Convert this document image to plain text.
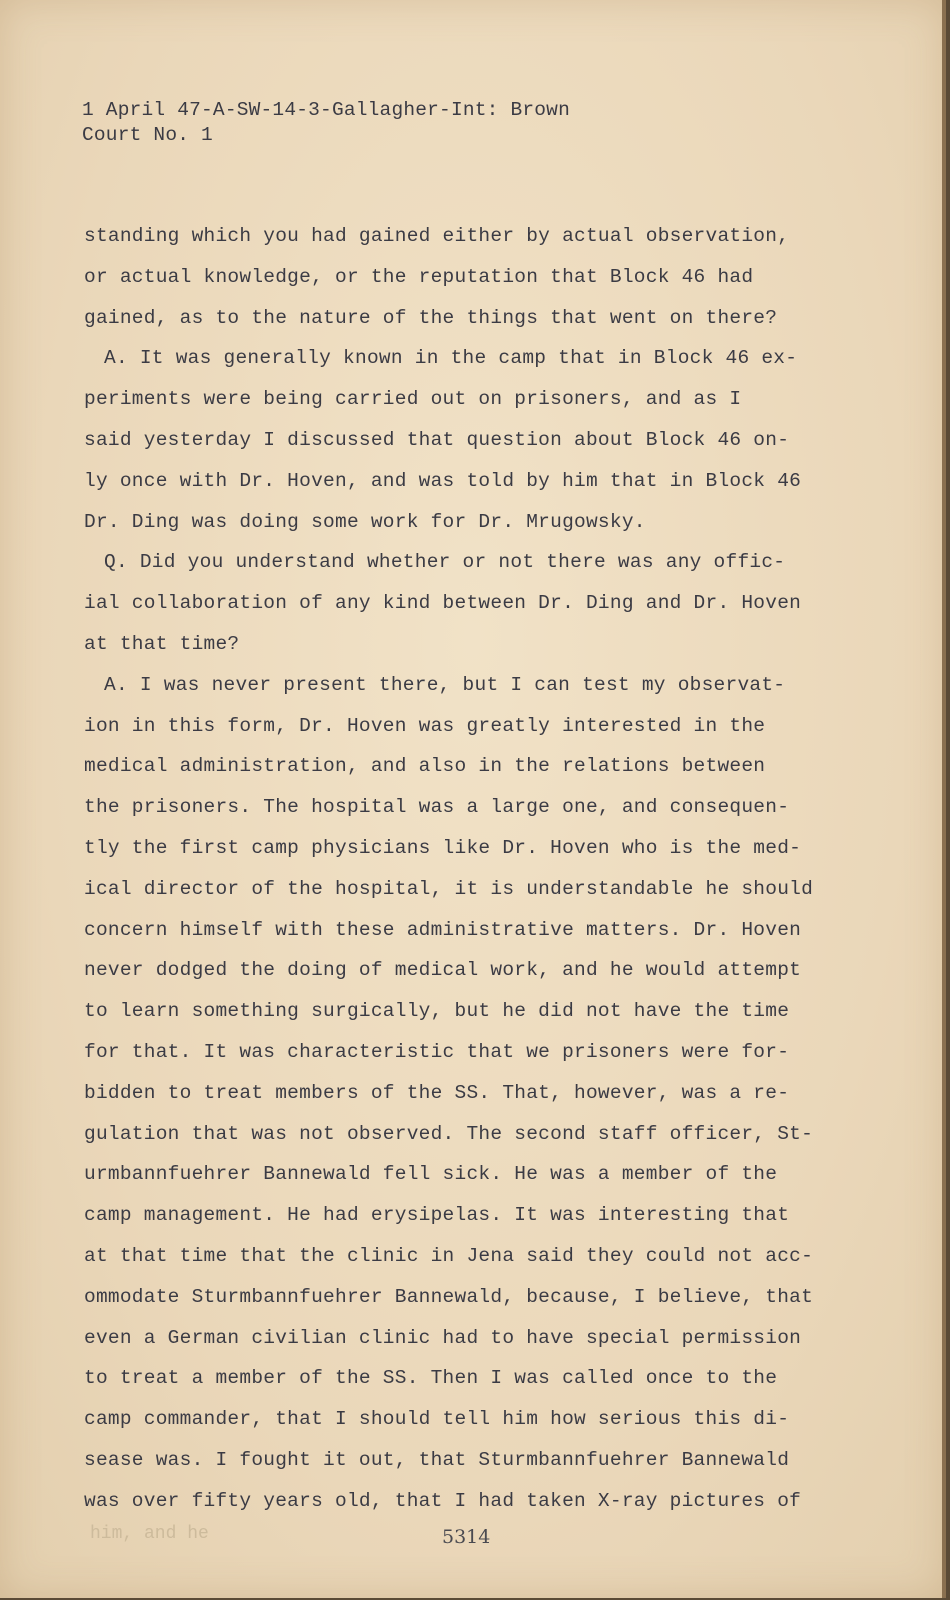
1 April 47-A-SW-14-3-Gallagher-Int: Brown
Court No. 1
standing which you had gained either by actual observation,
or actual knowledge, or the reputation that Block 46 had
gained, as to the nature of the things that went on there?
A. It was generally known in the camp that in Block 46 ex-
periments were being carried out on prisoners, and as I
said yesterday I discussed that question about Block 46 on-
ly once with Dr. Hoven, and was told by him that in Block 46
Dr. Ding was doing some work for Dr. Mrugowsky.
Q. Did you understand whether or not there was any offic-
ial collaboration of any kind between Dr. Ding and Dr. Hoven
at that time?
A. I was never present there, but I can test my observat-
ion in this form, Dr. Hoven was greatly interested in the
medical administration, and also in the relations between
the prisoners. The hospital was a large one, and consequen-
tly the first camp physicians like Dr. Hoven who is the med-
ical director of the hospital, it is understandable he should
concern himself with these administrative matters. Dr. Hoven
never dodged the doing of medical work, and he would attempt
to learn something surgically, but he did not have the time
for that. It was characteristic that we prisoners were for-
bidden to treat members of the SS. That, however, was a re-
gulation that was not observed. The second staff officer, St-
urmbannfuehrer Bannewald fell sick. He was a member of the
camp management. He had erysipelas. It was interesting that
at that time that the clinic in Jena said they could not acc-
ommodate Sturmbannfuehrer Bannewald, because, I believe, that
even a German civilian clinic had to have special permission
to treat a member of the SS. Then I was called once to the
camp commander, that I should tell him how serious this di-
sease was. I fought it out, that Sturmbannfuehrer Bannewald
was over fifty years old, that I had taken X-ray pictures of
him, and he	5314
